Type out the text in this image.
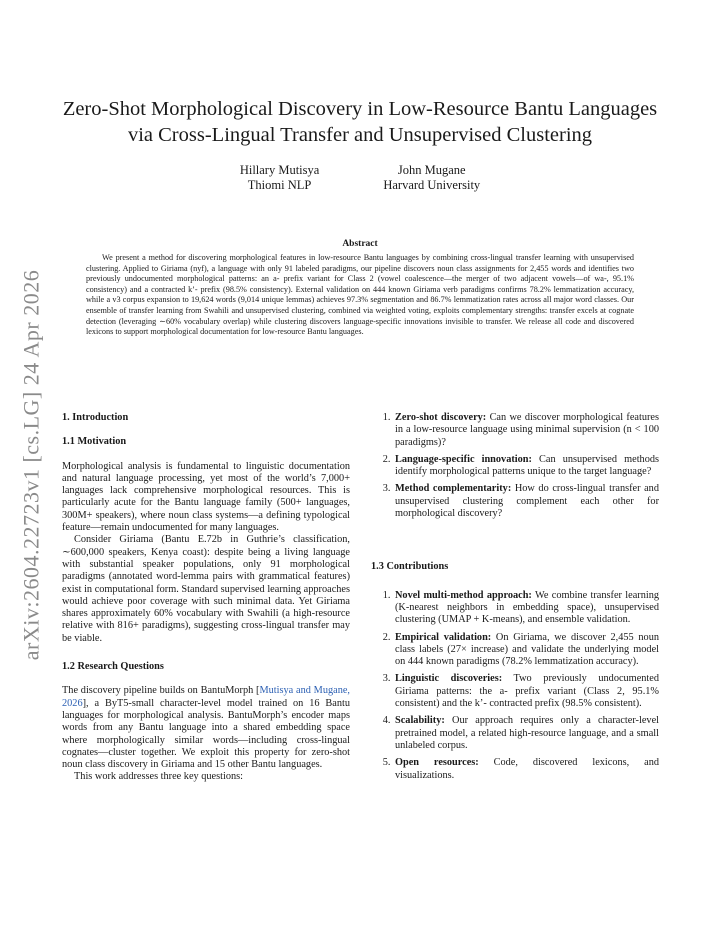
arXiv:2604.22723v1 [cs.LG] 24 Apr 2026
Zero-Shot Morphological Discovery in Low-Resource Bantu Languages
via Cross-Lingual Transfer and Unsupervised Clustering
Hillary Mutisya
Thiomi NLP
John Mugane
Harvard University
Abstract

We present a method for discovering morphological features in low-resource Bantu languages by combining cross-lingual transfer learning with unsupervised clustering. Applied to Giriama (nyf), a language with only 91 labeled paradigms, our pipeline discovers noun class assignments for 2,455 words and identifies two previously undocumented morphological patterns: an a- prefix variant for Class 2 (vowel coalescence—the merger of two adjacent vowels—of wa-, 95.1% consistency) and a contracted k’- prefix (98.5% consistency). External validation on 444 known Giriama verb paradigms confirms 78.2% lemmatization accuracy, while a v3 corpus expansion to 19,624 words (9,014 unique lemmas) achieves 97.3% segmentation and 86.7% lemmatization rates across all major word classes. Our ensemble of transfer learning from Swahili and unsupervised clustering, combined via weighted voting, exploits complementary strengths: transfer excels at cognate detection (leveraging ∼60% vocabulary overlap) while clustering discovers language-specific innovations invisible to transfer. We release all code and discovered lexicons to support morphological documentation for low-resource Bantu languages.

1. Introduction
1.1 Motivation

Morphological analysis is fundamental to linguistic documentation and natural language processing, yet most of the world’s 7,000+ languages lack comprehensive morphological resources. This is particularly acute for the Bantu language family (500+ languages, 300M+ speakers), where noun class systems—a defining typological feature—remain undocumented for many languages.

Consider Giriama (Bantu E.72b in Guthrie’s classification, ∼600,000 speakers, Kenya coast): despite being a living language with substantial speaker populations, only 91 morphological paradigms (annotated word-lemma pairs with grammatical features) exist in computational form. Standard supervised learning approaches would achieve poor coverage with such minimal data. Yet Giriama shares approximately 60% vocabulary with Swahili (a high-resource relative with 816+ paradigms), suggesting cross-lingual transfer may be viable.

1.2 Research Questions

The discovery pipeline builds on BantuMorph [Mutisya and Mugane, 2026], a ByT5-small character-level model trained on 16 Bantu languages for morphological analysis. BantuMorph’s encoder maps words from any Bantu language into a shared embedding space where morphologically similar words—including cross-lingual cognates—cluster together. We exploit this property for zero-shot noun class discovery in Giriama and 15 other Bantu languages.

This work addresses three key questions:

1. Zero-shot discovery: Can we discover morphological features in a low-resource language using minimal supervision (n < 100 paradigms)?
2. Language-specific innovation: Can unsupervised methods identify morphological patterns unique to the target language?
3. Method complementarity: How do cross-lingual transfer and unsupervised clustering complement each other for morphological discovery?
1.3 Contributions
1. Novel multi-method approach: We combine transfer learning (K-nearest neighbors in embedding space), unsupervised clustering (UMAP + K-means), and ensemble validation.
2. Empirical validation: On Giriama, we discover 2,455 noun class labels (27× increase) and validate the underlying model on 444 known paradigms (78.2% lemmatization accuracy).
3. Linguistic discoveries: Two previously undocumented Giriama patterns: the a- prefix variant (Class 2, 95.1% consistent) and the k’- contracted prefix (98.5% consistent).
4. Scalability: Our approach requires only a character-level pretrained model, a related high-resource language, and a small unlabeled corpus.
5. Open resources: Code, discovered lexicons, and visualizations.
